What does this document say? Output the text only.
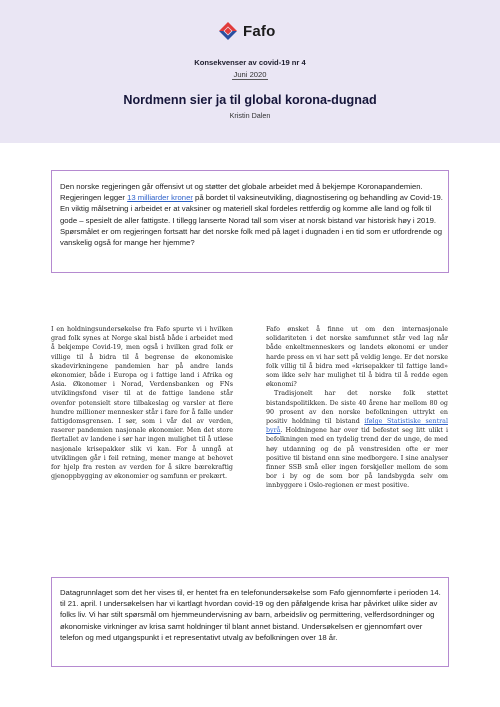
Fafo
Konsekvenser av covid-19 nr 4
Juni 2020
Nordmenn sier ja til global korona-dugnad
Kristin Dalen
Den norske regjeringen går offensivt ut og støtter det globale arbeidet med å bekjempe Koronapandemien. Regjeringen legger 13 milliarder kroner på bordet til vaksineutvikling, diagnostisering og behandling av Covid-19. En viktig målsetning i arbeidet er at vaksiner og materiell skal fordeles rettferdig og komme alle land og folk til gode – spesielt de aller fattigste. I tillegg lanserte Norad tall som viser at norsk bistand var historisk høy i 2019. Spørsmålet er om regjeringen fortsatt har det norske folk med på laget i dugnaden i en tid som er utfordrende og vanskelig også for mange her hjemme?

I en holdningsundersøkelse fra Fafo spurte vi i hvilken grad folk synes at Norge skal bistå både i arbeidet med å bekjempe Covid-19, men også i hvilken grad folk er villige til å bidra til å begrense de økonomiske skadevirkningene pandemien har på andre lands økonomier, både i Europa og i fattige land i Afrika og Asia. Økonomer i Norad, Verdensbanken og FNs utviklingsfond viser til at de fattige landene står ovenfor potensielt store tilbakeslag og varsler at flere hundre millioner mennesker står i fare for å falle under fattigdomsgrensen. I sør, som i vår del av verden, raserer pandemien nasjonale økonomier. Men det store flertallet av landene i sør har ingen mulighet til å utløse nasjonale krisepakker slik vi kan. For å unngå at utviklingen går i feil retning, mener mange at behovet for hjelp fra resten av verden for å sikre bærekraftig gjenoppbygging av økonomier og samfunn er prekært.

Fafo ønsket å finne ut om den internasjonale solidariteten i det norske samfunnet står ved lag når både enkeltmenneskers og landets økonomi er under harde press en vi har sett på veldig lenge. Er det norske folk villig til å bidra med «krisepakker til fattige land» som ikke selv har mulighet til å bidra til å redde egen økonomi?

Tradisjonelt har det norske folk støttet bistandspolitikken. De siste 40 årene har mellom 80 og 90 prosent av den norske befolkningen uttrykt en positiv holdning til bistand ifølge Statistiske sentral byrå. Holdningene har over tid befestet seg litt ulikt i befolkningen med en tydelig trend der de unge, de med høy utdanning og de på venstresiden ofte er mer positive til bistand enn sine medborgere. I sine analyser finner SSB små eller ingen forskjeller mellom de som bor i by og de som bor på landsbygda selv om innbyggere i Oslo-regionen er mest positive.

Datagrunnlaget som det her vises til, er hentet fra en telefonundersøkelse som Fafo gjennomførte i perioden 14. til 21. april. I undersøkelsen har vi kartlagt hvordan covid-19 og den påfølgende krisa har påvirket ulike sider av folks liv. Vi har stilt spørsmål om hjemmeundervisning av barn, arbeidsliv og permittering, velferdsordninger og økonomiske virkninger av krisa samt holdninger til blant annet bistand. Undersøkelsen er gjennomført over telefon og med utgangspunkt i et representativt utvalg av befolkningen over 18 år.
